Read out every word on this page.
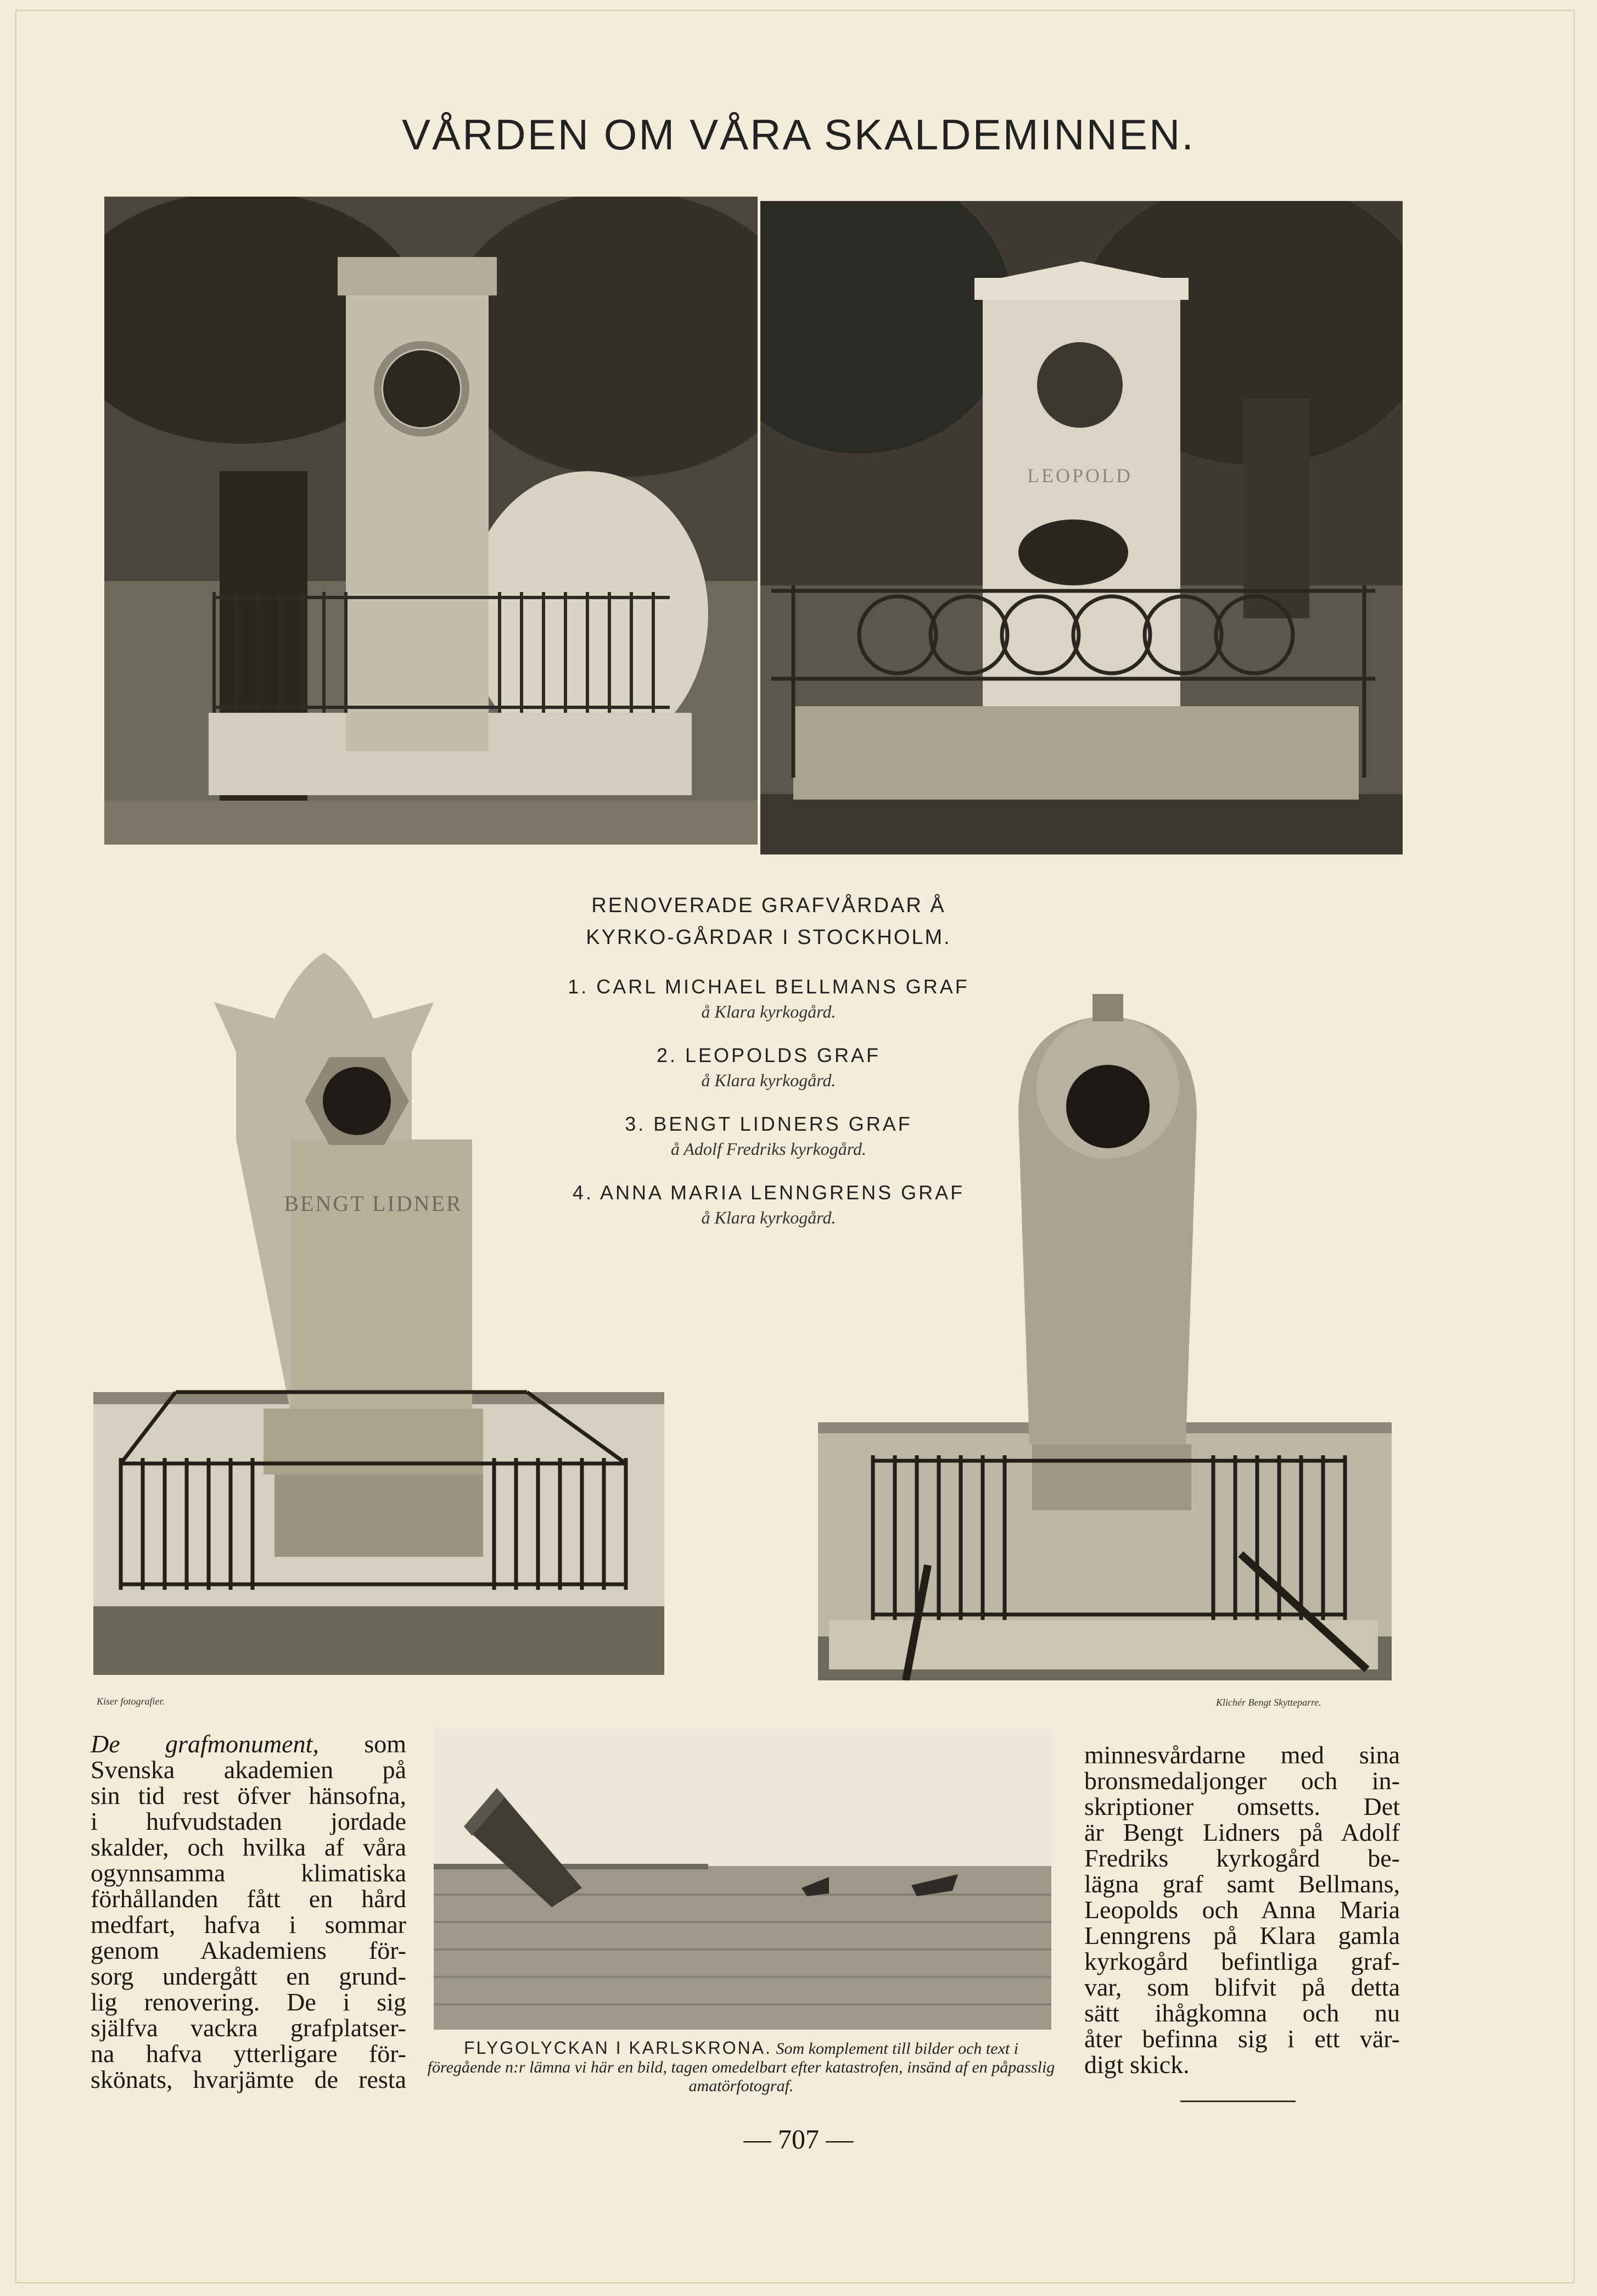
VÅRDEN OM VÅRA SKALDEMINNEN.
LEOPOLD
BENGT LIDNER
RENOVERADE GRAFVÅRDAR Å KYRKO-GÅRDAR I STOCKHOLM.
1. CARL MICHAEL BELLMANS GRAF
å Klara kyrkogård.
2. LEOPOLDS GRAF
å Klara kyrkogård.
3. BENGT LIDNERS GRAF
å Adolf Fredriks kyrkogård.
4. ANNA MARIA LENNGRENS GRAF
å Klara kyrkogård.
Kiser fotografier.	Klichér Bengt Skytteparre.
De grafmonument, som
Svenska akademien på
sin tid rest öfver hänsofna,
i hufvudstaden jordade
skalder, och hvilka af våra
ogynnsamma klimatiska
förhållanden fått en hård
medfart, hafva i sommar
genom Akademiens för-
sorg undergått en grund-
lig renovering. De i sig
själfva vackra grafplatser-
na hafva ytterligare för-
skönats, hvarjämte de resta
FLYGOLYCKAN I KARLSKRONA. Som komplement till bilder och text i föregående n:r lämna vi här en bild, tagen omedelbart efter katastrofen, insänd af en påpasslig amatörfotograf.
minnesvårdarne med sina
bronsmedaljonger och in-
skriptioner omsetts. Det
är Bengt Lidners på Adolf
Fredriks kyrkogård be-
lägna graf samt Bellmans,
Leopolds och Anna Maria
Lenngrens på Klara gamla
kyrkogård befintliga graf-
var, som blifvit på detta
sätt ihågkomna och nu
åter befinna sig i ett vär-
digt skick.
— 707 —
